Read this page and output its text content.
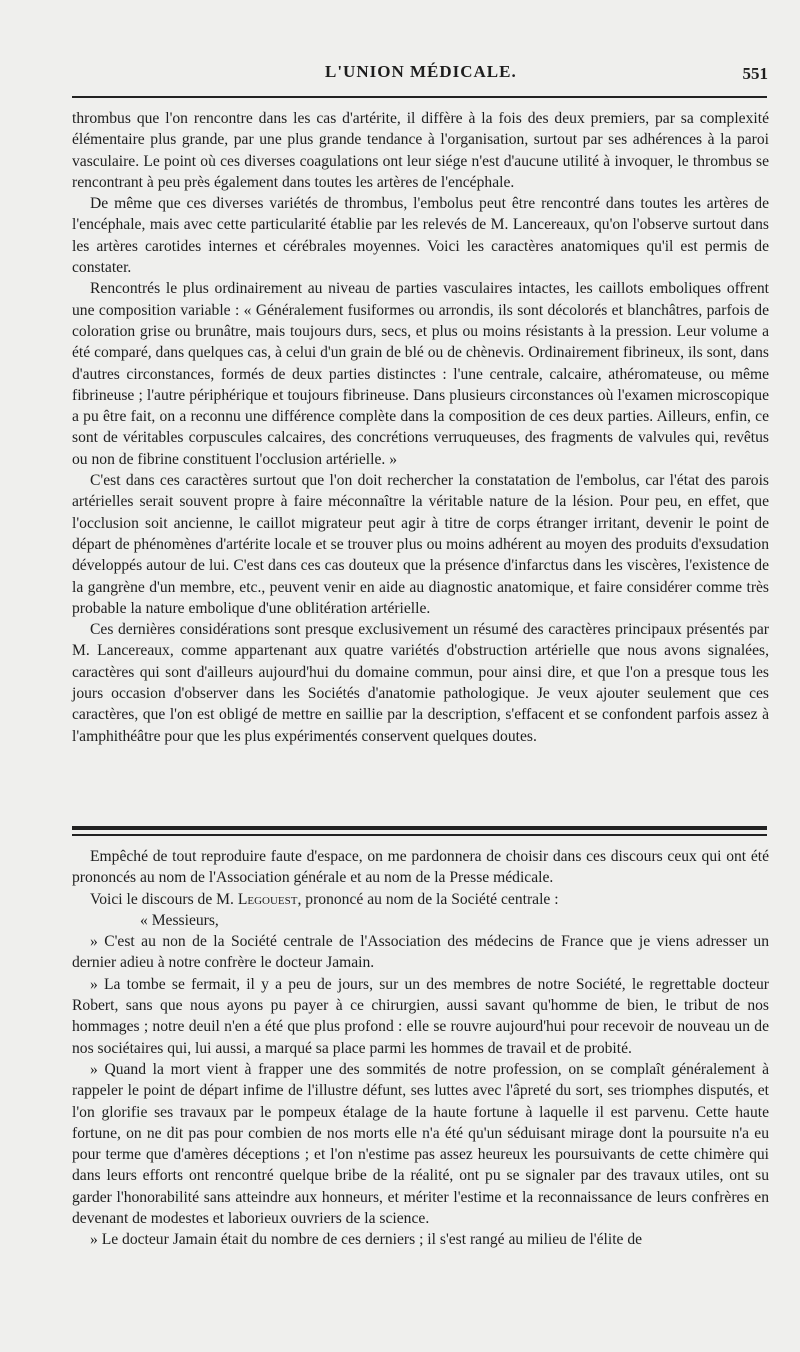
L'UNION MÉDICALE.	551

thrombus que l'on rencontre dans les cas d'artérite, il diffère à la fois des deux premiers, par sa complexité élémentaire plus grande, par une plus grande tendance à l'organisation, surtout par ses adhérences à la paroi vasculaire. Le point où ces diverses coagulations ont leur siége n'est d'aucune utilité à invoquer, le thrombus se rencontrant à peu près également dans toutes les artères de l'encéphale.

De même que ces diverses variétés de thrombus, l'embolus peut être rencontré dans toutes les artères de l'encéphale, mais avec cette particularité établie par les relevés de M. Lancereaux, qu'on l'observe surtout dans les artères carotides internes et cérébrales moyennes. Voici les caractères anatomiques qu'il est permis de constater.

Rencontrés le plus ordinairement au niveau de parties vasculaires intactes, les caillots emboliques offrent une composition variable : « Généralement fusiformes ou arrondis, ils sont décolorés et blanchâtres, parfois de coloration grise ou brunâtre, mais toujours durs, secs, et plus ou moins résistants à la pression. Leur volume a été comparé, dans quelques cas, à celui d'un grain de blé ou de chènevis. Ordinairement fibrineux, ils sont, dans d'autres circonstances, formés de deux parties distinctes : l'une centrale, calcaire, athéromateuse, ou même fibrineuse ; l'autre périphérique et toujours fibrineuse. Dans plusieurs circonstances où l'examen microscopique a pu être fait, on a reconnu une différence complète dans la composition de ces deux parties. Ailleurs, enfin, ce sont de véritables corpuscules calcaires, des concrétions verruqueuses, des fragments de valvules qui, revêtus ou non de fibrine constituent l'occlusion artérielle. »

C'est dans ces caractères surtout que l'on doit rechercher la constatation de l'embolus, car l'état des parois artérielles serait souvent propre à faire méconnaître la véritable nature de la lésion. Pour peu, en effet, que l'occlusion soit ancienne, le caillot migrateur peut agir à titre de corps étranger irritant, devenir le point de départ de phénomènes d'artérite locale et se trouver plus ou moins adhérent au moyen des produits d'exsudation développés autour de lui. C'est dans ces cas douteux que la présence d'infarctus dans les viscères, l'existence de la gangrène d'un membre, etc., peuvent venir en aide au diagnostic anatomique, et faire considérer comme très probable la nature embolique d'une oblitération artérielle.

Ces dernières considérations sont presque exclusivement un résumé des caractères principaux présentés par M. Lancereaux, comme appartenant aux quatre variétés d'obstruction artérielle que nous avons signalées, caractères qui sont d'ailleurs aujourd'hui du domaine commun, pour ainsi dire, et que l'on a presque tous les jours occasion d'observer dans les Sociétés d'anatomie pathologique. Je veux ajouter seulement que ces caractères, que l'on est obligé de mettre en saillie par la description, s'effacent et se confondent parfois assez à l'amphithéâtre pour que les plus expérimentés conservent quelques doutes.

Empêché de tout reproduire faute d'espace, on me pardonnera de choisir dans ces discours ceux qui ont été prononcés au nom de l'Association générale et au nom de la Presse médicale.

Voici le discours de M. Legouest, prononcé au nom de la Société centrale :

« Messieurs,

» C'est au non de la Société centrale de l'Association des médecins de France que je viens adresser un dernier adieu à notre confrère le docteur Jamain.

» La tombe se fermait, il y a peu de jours, sur un des membres de notre Société, le regrettable docteur Robert, sans que nous ayons pu payer à ce chirurgien, aussi savant qu'homme de bien, le tribut de nos hommages ; notre deuil n'en a été que plus profond : elle se rouvre aujourd'hui pour recevoir de nouveau un de nos sociétaires qui, lui aussi, a marqué sa place parmi les hommes de travail et de probité.

» Quand la mort vient à frapper une des sommités de notre profession, on se complaît généralement à rappeler le point de départ infime de l'illustre défunt, ses luttes avec l'âpreté du sort, ses triomphes disputés, et l'on glorifie ses travaux par le pompeux étalage de la haute fortune à laquelle il est parvenu. Cette haute fortune, on ne dit pas pour combien de nos morts elle n'a été qu'un séduisant mirage dont la poursuite n'a eu pour terme que d'amères déceptions ; et l'on n'estime pas assez heureux les poursuivants de cette chimère qui dans leurs efforts ont rencontré quelque bribe de la réalité, ont pu se signaler par des travaux utiles, ont su garder l'honorabilité sans atteindre aux honneurs, et mériter l'estime et la reconnaissance de leurs confrères en devenant de modestes et laborieux ouvriers de la science.

» Le docteur Jamain était du nombre de ces derniers ; il s'est rangé au milieu de l'élite de
